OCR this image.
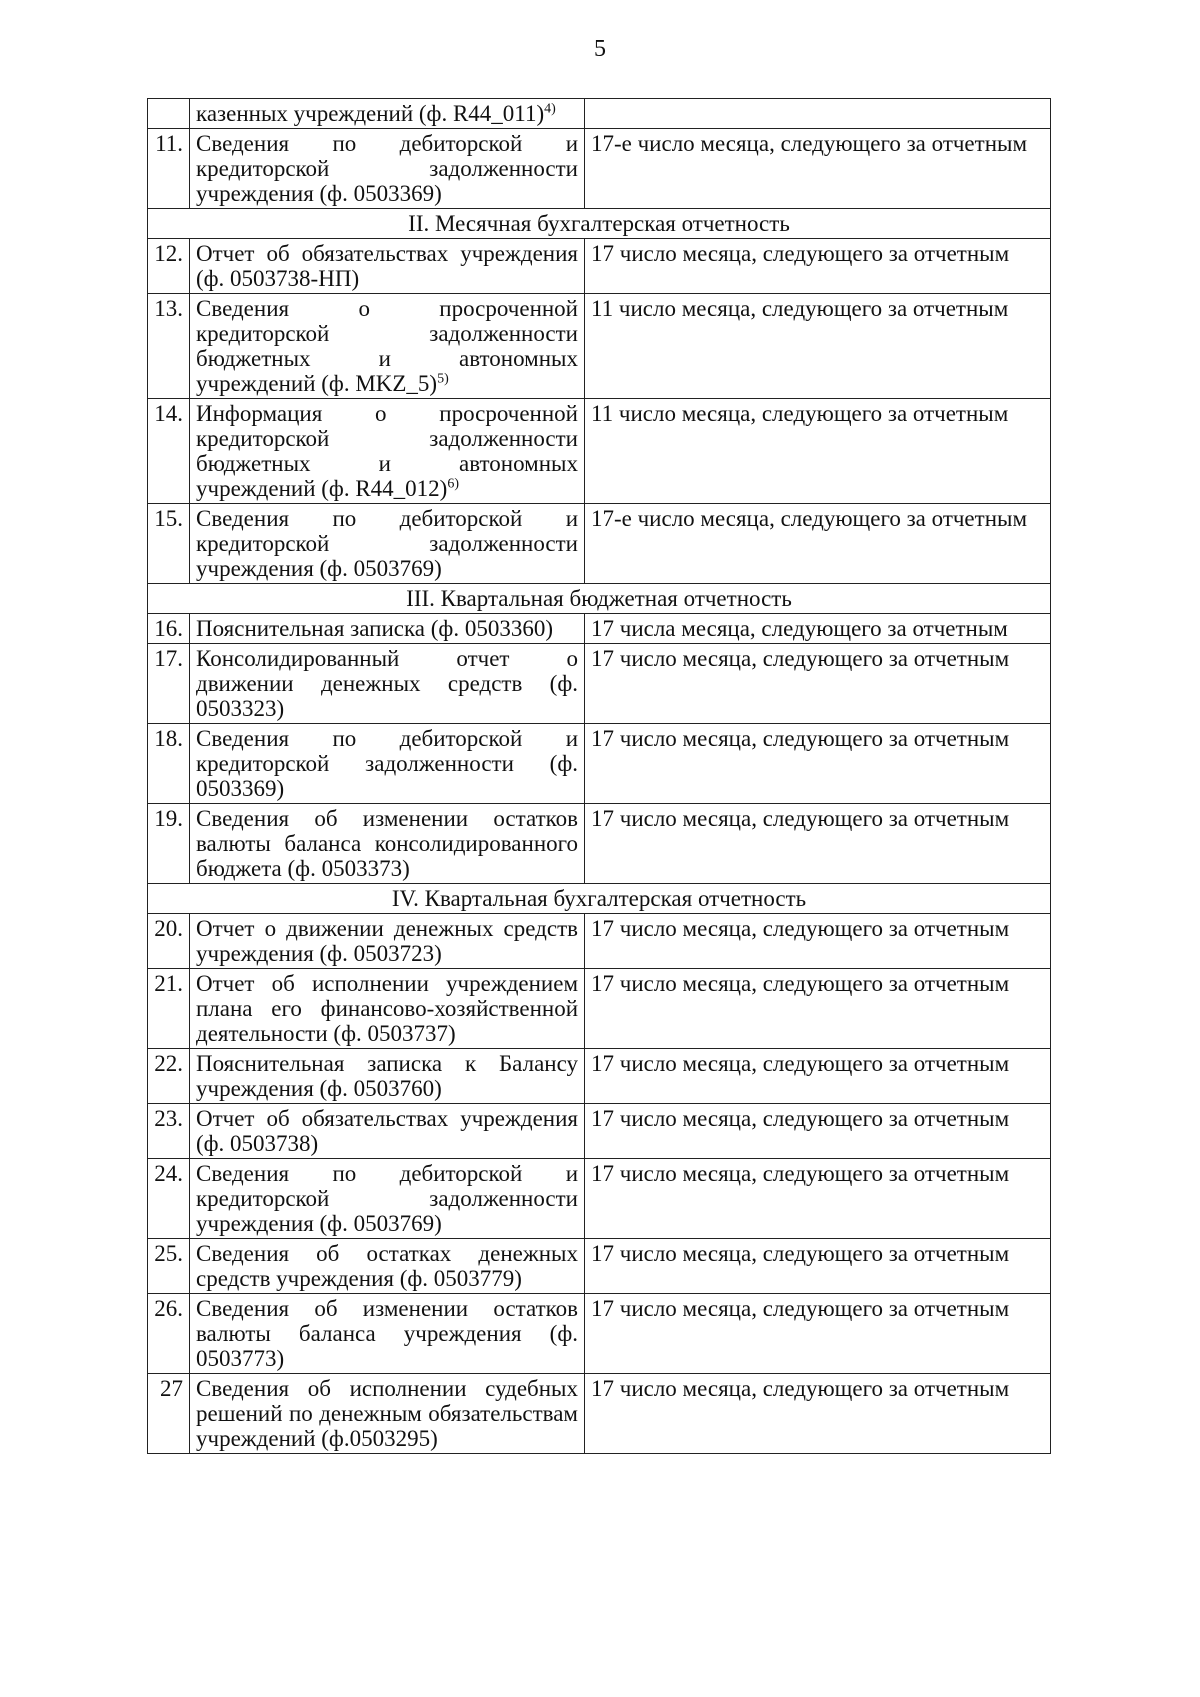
5
	казенных учреждений (ф. R44_011)$^{4)}$	
11.	Сведения по дебиторской и кредиторской задолженности учреждения (ф. 0503369)	17-е число месяца, следующего за отчетным
II. Месячная бухгалтерская отчетность		
12.	Отчет об обязательствах учреждения (ф. 0503738-НП)	17 число месяца, следующего за отчетным
13.	Сведения о просроченной кредиторской задолженности бюджетных и автономных учреждений (ф. MKZ_5)$^{5)}$	11 число месяца, следующего за отчетным
14.	Информация о просроченной кредиторской задолженности бюджетных и автономных учреждений (ф. R44_012)$^{6)}$	11 число месяца, следующего за отчетным
15.	Сведения по дебиторской и кредиторской задолженности учреждения (ф. 0503769)	17-е число месяца, следующего за отчетным
III. Квартальная бюджетная отчетность		
16.	Пояснительная записка (ф. 0503360)	17 числа месяца, следующего за отчетным
17.	Консолидированный отчет о движении денежных средств (ф. 0503323)	17 число месяца, следующего за отчетным
18.	Сведения по дебиторской и кредиторской задолженности (ф. 0503369)	17 число месяца, следующего за отчетным
19.	Сведения об изменении остатков валюты баланса консолидированного бюджета (ф. 0503373)	17 число месяца, следующего за отчетным
IV. Квартальная бухгалтерская отчетность		
20.	Отчет о движении денежных средств учреждения (ф. 0503723)	17 число месяца, следующего за отчетным
21.	Отчет об исполнении учреждением плана его финансово-хозяйственной деятельности (ф. 0503737)	17 число месяца, следующего за отчетным
22.	Пояснительная записка к Балансу учреждения (ф. 0503760)	17 число месяца, следующего за отчетным
23.	Отчет об обязательствах учреждения (ф. 0503738)	17 число месяца, следующего за отчетным
24.	Сведения по дебиторской и кредиторской задолженности учреждения (ф. 0503769)	17 число месяца, следующего за отчетным
25.	Сведения об остатках денежных средств учреждения (ф. 0503779)	17 число месяца, следующего за отчетным
26.	Сведения об изменении остатков валюты баланса учреждения (ф. 0503773)	17 число месяца, следующего за отчетным
27	Сведения об исполнении судебных решений по денежным обязательствам учреждений (ф.0503295)	17 число месяца, следующего за отчетным
